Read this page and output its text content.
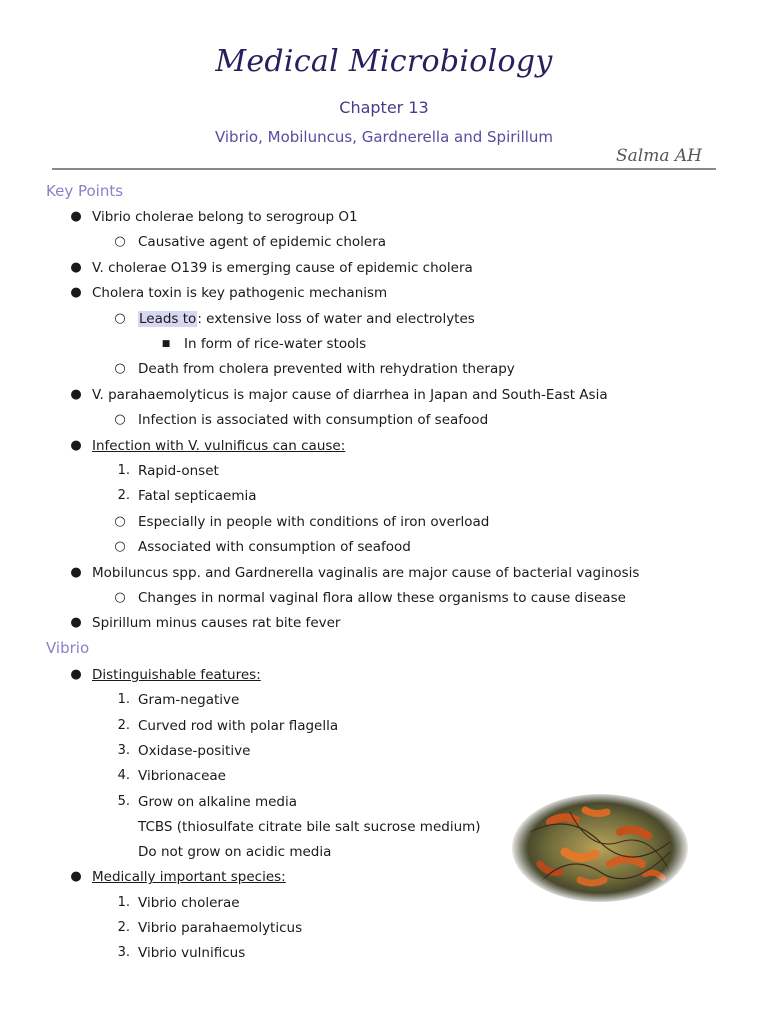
Medical Microbiology
Chapter 13
Vibrio, Mobiluncus, Gardnerella and Spirillum
Salma AH
Key Points
● Vibrio cholerae belong to serogroup O1
○ Causative agent of epidemic cholera
● V. cholerae O139 is emerging cause of epidemic cholera
● Cholera toxin is key pathogenic mechanism
○ Leads to: extensive loss of water and electrolytes
■	In form of rice-water stools
○ Death from cholera prevented with rehydration therapy
● V. parahaemolyticus is major cause of diarrhea in Japan and South-East Asia
○ Infection is associated with consumption of seafood
● Infection with V. vulnificus can cause:
1. Rapid-onset
2. Fatal septicaemia
○ Especially in people with conditions of iron overload
○ Associated with consumption of seafood
● Mobiluncus spp. and Gardnerella vaginalis are major cause of bacterial vaginosis
○ Changes in normal vaginal flora allow these organisms to cause disease
● Spirillum minus causes rat bite fever
Vibrio
● Distinguishable features:
1. Gram-negative
2. Curved rod with polar flagella
3. Oxidase-positive
4. Vibrionaceae
5. Grow on alkaline media
TCBS (thiosulfate citrate bile salt sucrose medium)
Do not grow on acidic media
● Medically important species:
1. Vibrio cholerae
2. Vibrio parahaemolyticus
3. Vibrio vulnificus
